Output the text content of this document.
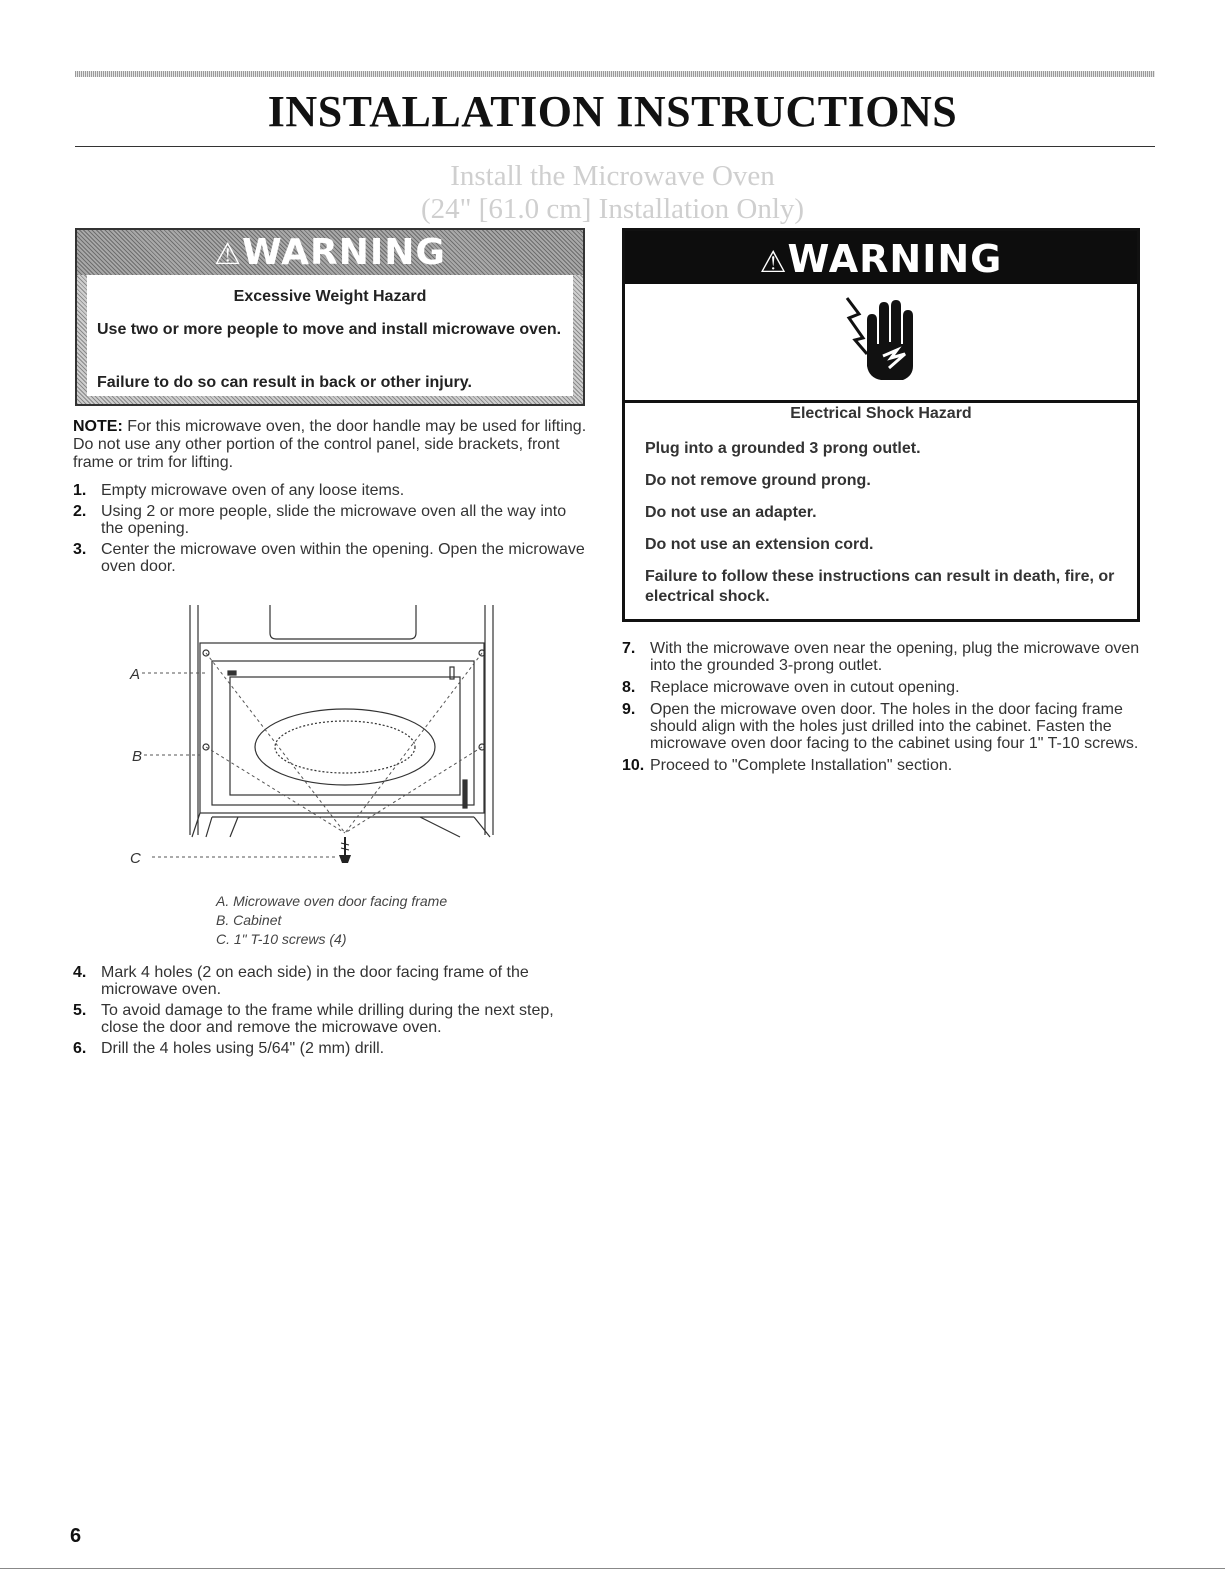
INSTALLATION INSTRUCTIONS
Install the Microwave Oven
(24" [61.0 cm] Installation Only)
⚠WARNING
Excessive Weight Hazard
Use two or more people to move and install microwave oven.
Failure to do so can result in back or other injury.
⚠WARNING
Electrical Shock Hazard
Plug into a grounded 3 prong outlet.
Do not remove ground prong.
Do not use an adapter.
Do not use an extension cord.
Failure to follow these instructions can result in death, fire, or electrical shock.
NOTE: For this microwave oven, the door handle may be used for lifting. Do not use any other portion of the control panel, side brackets, front frame or trim for lifting.
1. Empty microwave oven of any loose items.
2. Using 2 or more people, slide the microwave oven all the way into the opening.
3. Center the microwave oven within the opening. Open the microwave oven door.
A
B
C
A. Microwave oven door facing frame
B. Cabinet
C. 1" T-10 screws (4)
4. Mark 4 holes (2 on each side) in the door facing frame of the microwave oven.
5. To avoid damage to the frame while drilling during the next step, close the door and remove the microwave oven.
6. Drill the 4 holes using 5/64" (2 mm) drill.
7. With the microwave oven near the opening, plug the microwave oven into the grounded 3-prong outlet.
8. Replace microwave oven in cutout opening.
9. Open the microwave oven door. The holes in the door facing frame should align with the holes just drilled into the cabinet. Fasten the microwave oven door facing to the cabinet using four 1" T-10 screws.
10. Proceed to "Complete Installation" section.
6
